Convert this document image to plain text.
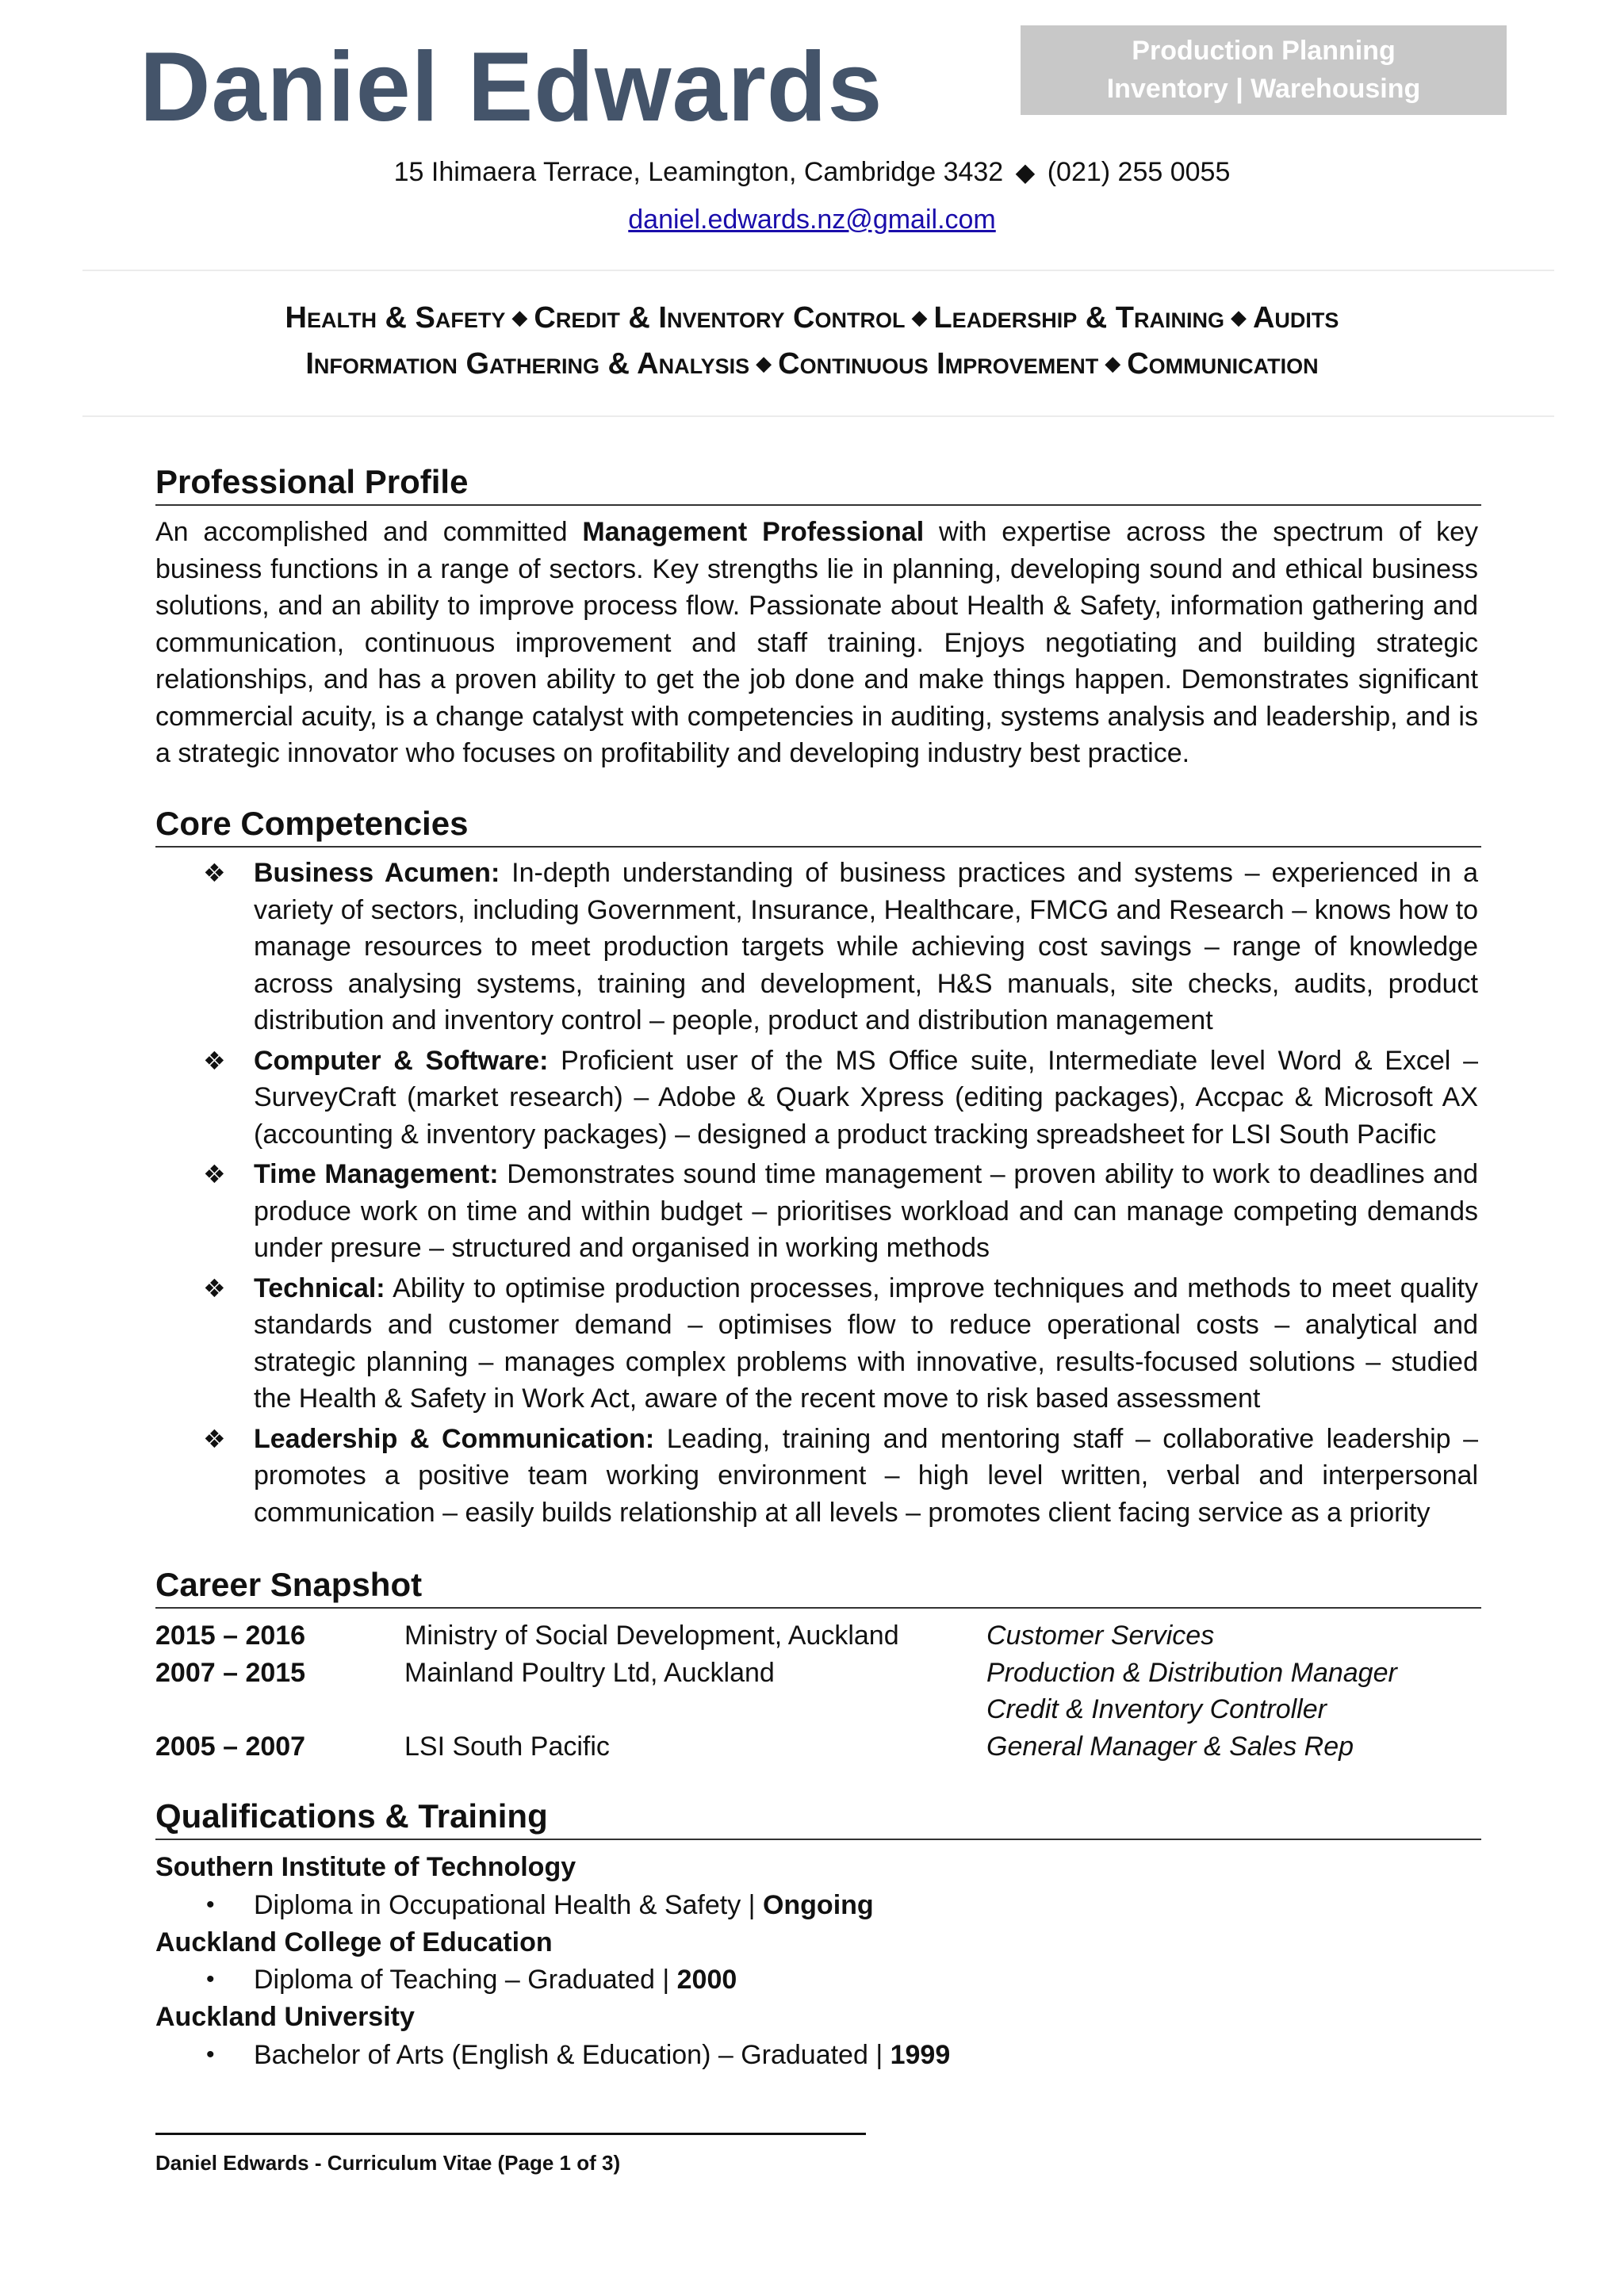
Daniel Edwards	Production Planning
Inventory | Warehousing
15 Ihimaera Terrace, Leamington, Cambridge 3432 ◆ (021) 255 0055
daniel.edwards.nz@gmail.com
Health & Safety ◆ Credit & Inventory Control ◆ Leadership & Training ◆ Audits
Information Gathering & Analysis ◆ Continuous Improvement ◆ Communication
Professional Profile

An accomplished and committed Management Professional with expertise across the spectrum of key business functions in a range of sectors. Key strengths lie in planning, developing sound and ethical business solutions, and an ability to improve process flow. Passionate about Health & Safety, information gathering and communication, continuous improvement and staff training. Enjoys negotiating and building strategic relationships, and has a proven ability to get the job done and make things happen. Demonstrates significant commercial acuity, is a change catalyst with competencies in auditing, systems analysis and leadership, and is a strategic innovator who focuses on profitability and developing industry best practice.

Core Competencies
❖ Business Acumen: In-depth understanding of business practices and systems – experienced in a variety of sectors, including Government, Insurance, Healthcare, FMCG and Research – knows how to manage resources to meet production targets while achieving cost savings – range of knowledge across analysing systems, training and development, H&S manuals, site checks, audits, product distribution and inventory control – people, product and distribution management
❖ Computer & Software: Proficient user of the MS Office suite, Intermediate level Word & Excel – SurveyCraft (market research) – Adobe & Quark Xpress (editing packages), Accpac & Microsoft AX (accounting & inventory packages) – designed a product tracking spreadsheet for LSI South Pacific
❖ Time Management: Demonstrates sound time management – proven ability to work to deadlines and produce work on time and within budget – prioritises workload and can manage competing demands under presure – structured and organised in working methods
❖ Technical: Ability to optimise production processes, improve techniques and methods to meet quality standards and customer demand – optimises flow to reduce operational costs – analytical and strategic planning – manages complex problems with innovative, results-focused solutions – studied the Health & Safety in Work Act, aware of the recent move to risk based assessment
❖ Leadership & Communication: Leading, training and mentoring staff – collaborative leadership – promotes a positive team working environment – high level written, verbal and interpersonal communication – easily builds relationship at all levels – promotes client facing service as a priority
Career Snapshot
2015 – 2016	Ministry of Social Development, Auckland	Customer Services
2007 – 2015	Mainland Poultry Ltd, Auckland	Production & Distribution Manager
Credit & Inventory Controller
2005 – 2007	LSI South Pacific	General Manager & Sales Rep
Qualifications & Training
Southern Institute of Technology
• Diploma in Occupational Health & Safety | Ongoing
Auckland College of Education
• Diploma of Teaching – Graduated | 2000
Auckland University
• Bachelor of Arts (English & Education) – Graduated | 1999
Daniel Edwards - Curriculum Vitae (Page 1 of 3)
